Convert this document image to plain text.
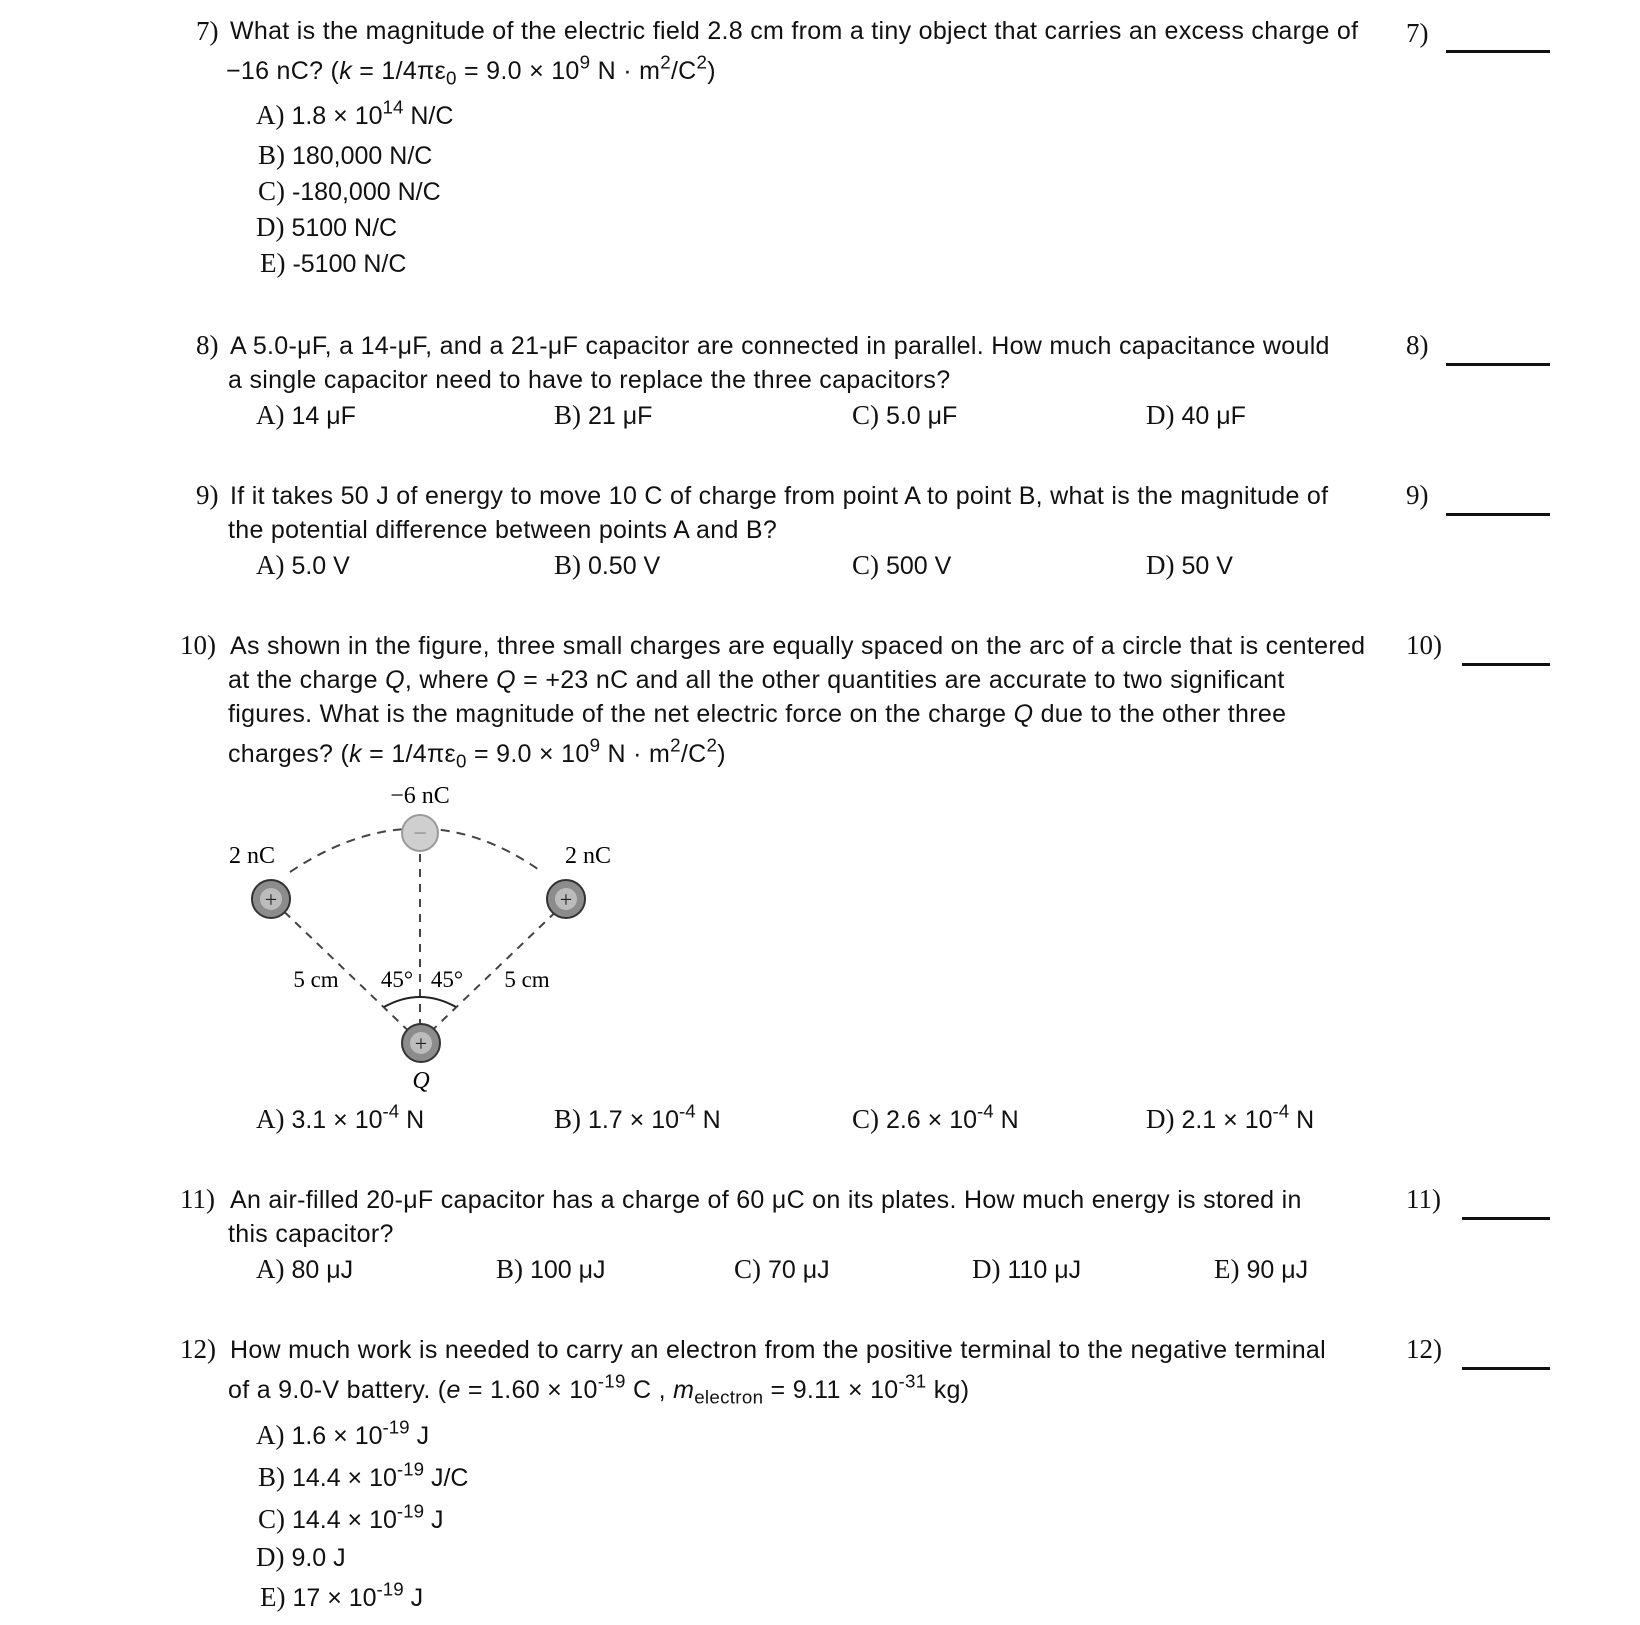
7) What is the magnitude of the electric field 2.8 cm from a tiny object that carries an excess charge of
−16 nC? ($k = 1/4\pi\varepsilon_0 = 9.0 \times 10^9$ $N \cdot m^2/C^2$)
7)
A) $1.8 \times 10^{14}$ N/C
B) 180,000 N/C
C) -180,000 N/C
D) 5100 N/C
E) -5100 N/C
8) A 5.0-μF, a 14-μF, and a 21-μF capacitor are connected in parallel. How much capacitance would
a single capacitor need to have to replace the three capacitors?
8)
A) 14 μF	B) 21 μF	C) 5.0 μF	D) 40 μF
9) If it takes 50 J of energy to move 10 C of charge from point A to point B, what is the magnitude of
the potential difference between points A and B?
9)
A) 5.0 V	B) 0.50 V	C) 500 V	D) 50 V
10) As shown in the figure, three small charges are equally spaced on the arc of a circle that is centered
at the charge Q, where Q = +23 nC and all the other quantities are accurate to two significant
figures. What is the magnitude of the net electric force on the charge Q due to the other three
charges? ($k = 1/4\pi\varepsilon_0 = 9.0 \times 10^9$ $N \cdot m^2/C^2$)
10)
−
−6 nC
+
2 nC
+
2 nC
+
Q
5 cm	5 cm
45° 45°
A) $3.1 \times 10^{-4}$ N	B) $1.7 \times 10^{-4}$ N	C) $2.6 \times 10^{-4}$ N	D) $2.1 \times 10^{-4}$ N
11) An air-filled 20-μF capacitor has a charge of 60 μC on its plates. How much energy is stored in
this capacitor?
11)
A) 80 μJ	B) 100 μJ	C) 70 μJ	D) 110 μJ	E) 90 μJ
12) How much work is needed to carry an electron from the positive terminal to the negative terminal
of a 9.0-V battery. ($e = 1.60 \times 10^{-19}$ C , $m_{electron} = 9.11 \times 10^{-31}$ kg)
12)
A) $1.6 \times 10^{-19}$ J
B) $14.4 \times 10^{-19}$ J/C
C) $14.4 \times 10^{-19}$ J
D) 9.0 J
E) $17 \times 10^{-19}$ J
